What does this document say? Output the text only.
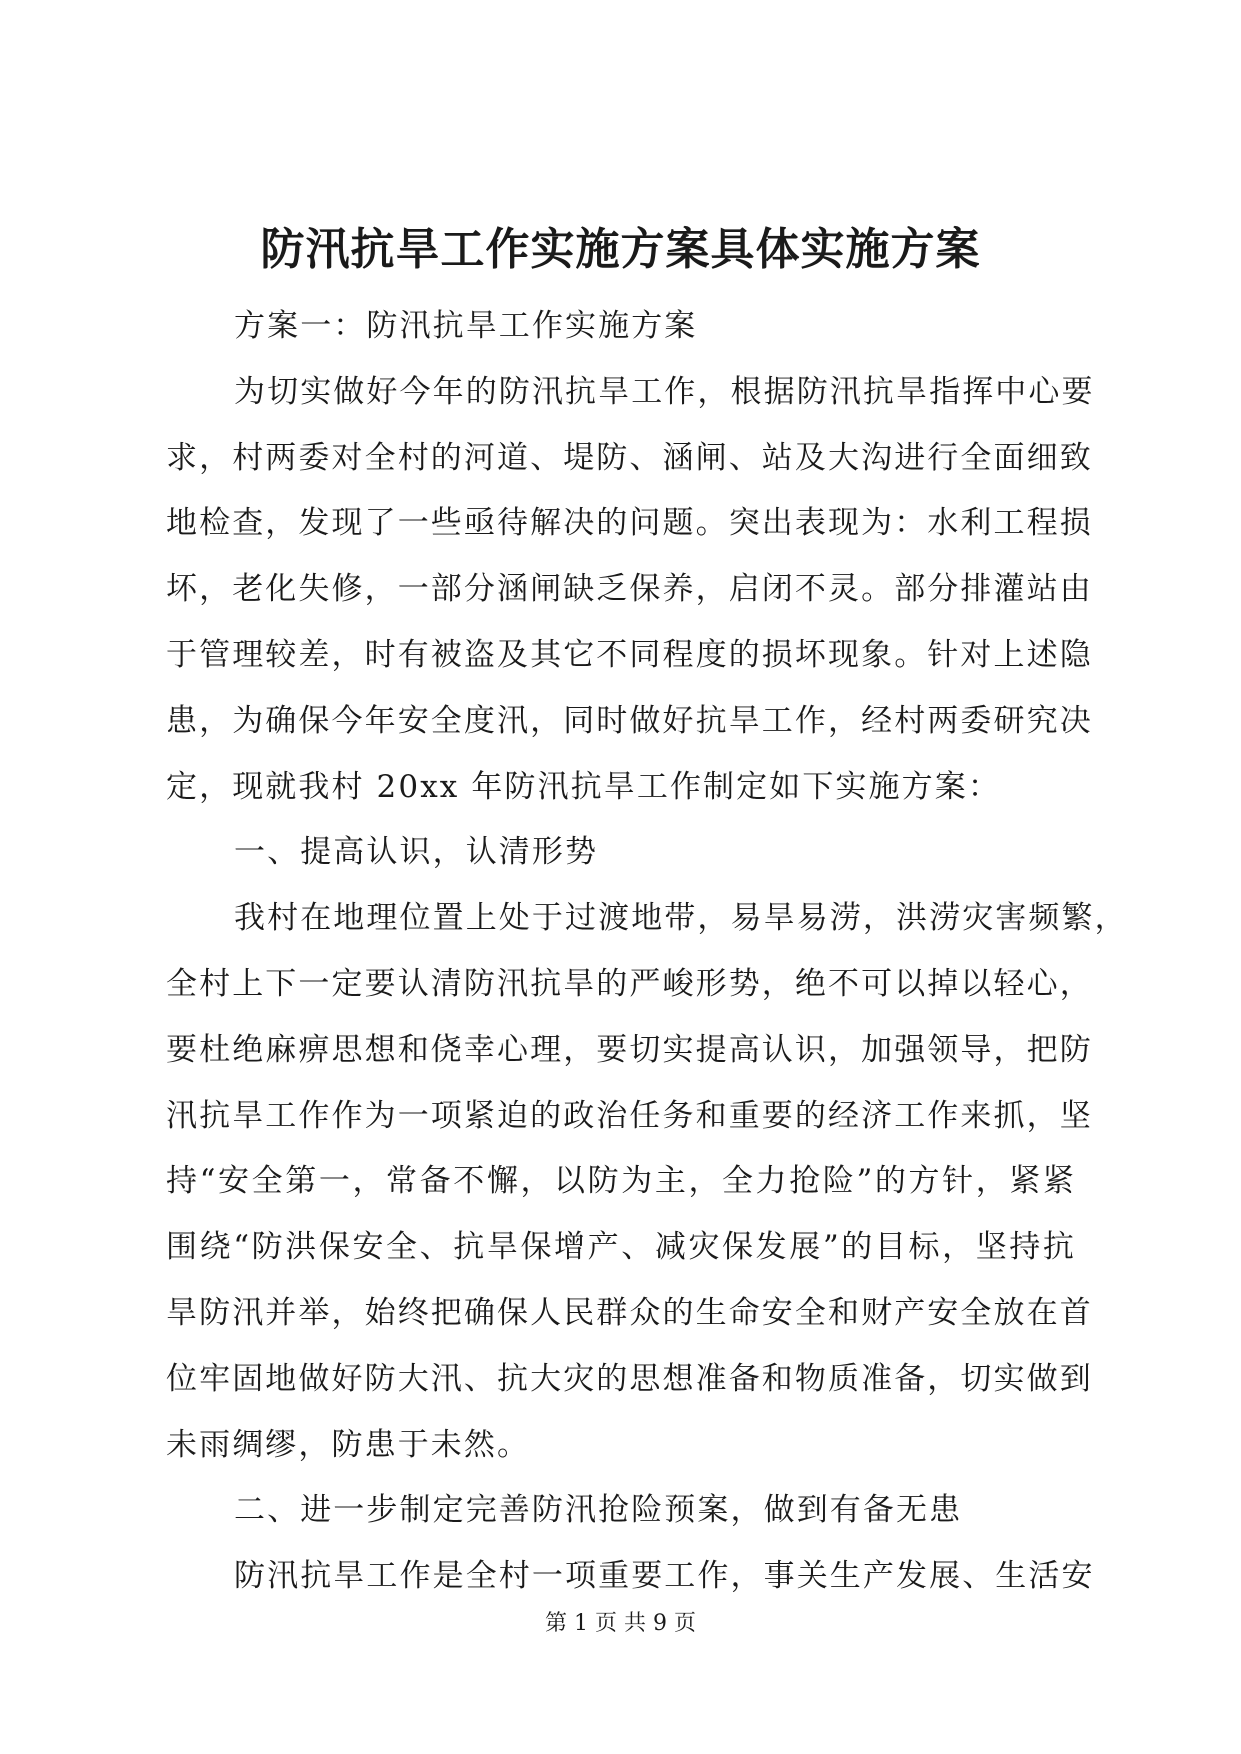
防汛抗旱工作实施方案具体实施方案
方案一：防汛抗旱工作实施方案
为切实做好今年的防汛抗旱工作，根据防汛抗旱指挥中心要
求，村两委对全村的河道、堤防、涵闸、站及大沟进行全面细致
地检查，发现了一些亟待解决的问题。突出表现为：水利工程损
坏，老化失修，一部分涵闸缺乏保养，启闭不灵。部分排灌站由
于管理较差，时有被盗及其它不同程度的损坏现象。针对上述隐
患，为确保今年安全度汛，同时做好抗旱工作，经村两委研究决
定，现就我村 20xx 年防汛抗旱工作制定如下实施方案：
一、提高认识，认清形势
我村在地理位置上处于过渡地带，易旱易涝，洪涝灾害频繁，
全村上下一定要认清防汛抗旱的严峻形势，绝不可以掉以轻心，
要杜绝麻痹思想和侥幸心理，要切实提高认识，加强领导，把防
汛抗旱工作作为一项紧迫的政治任务和重要的经济工作来抓，坚
持“安全第一，常备不懈，以防为主，全力抢险”的方针，紧紧
围绕“防洪保安全、抗旱保增产、减灾保发展”的目标，坚持抗
旱防汛并举，始终把确保人民群众的生命安全和财产安全放在首
位牢固地做好防大汛、抗大灾的思想准备和物质准备，切实做到
未雨绸缪，防患于未然。
二、进一步制定完善防汛抢险预案，做到有备无患
防汛抗旱工作是全村一项重要工作，事关生产发展、生活安
第 1 页 共 9 页
